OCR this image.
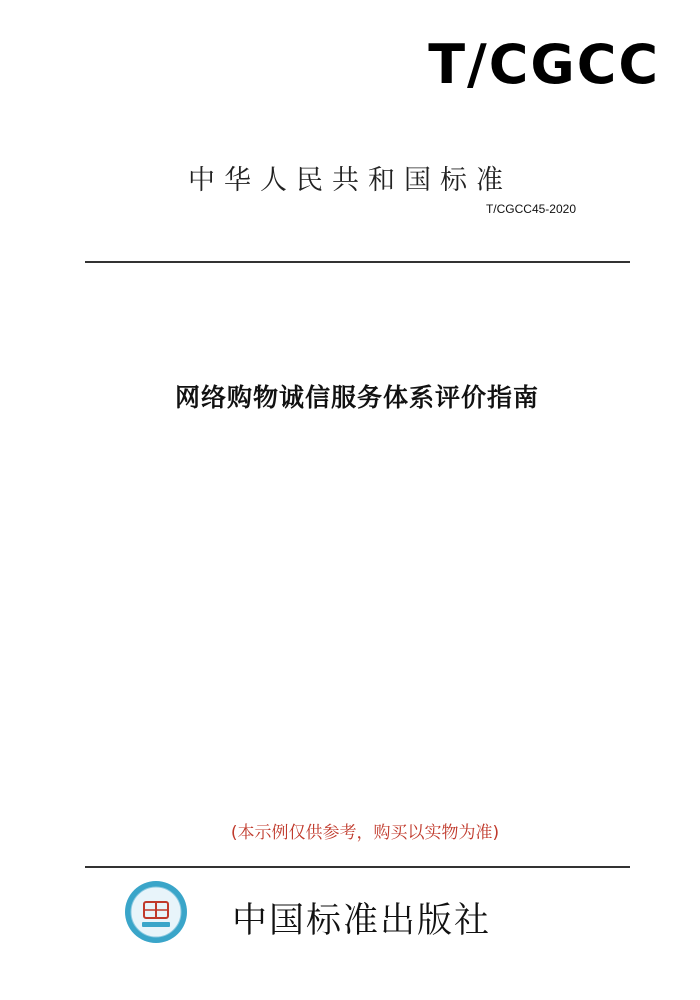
T/CGCC
中华人民共和国标准
T/CGCC45-2020
网络购物诚信服务体系评价指南
(本示例仅供参考，购买以实物为准)
中国标准出版社
